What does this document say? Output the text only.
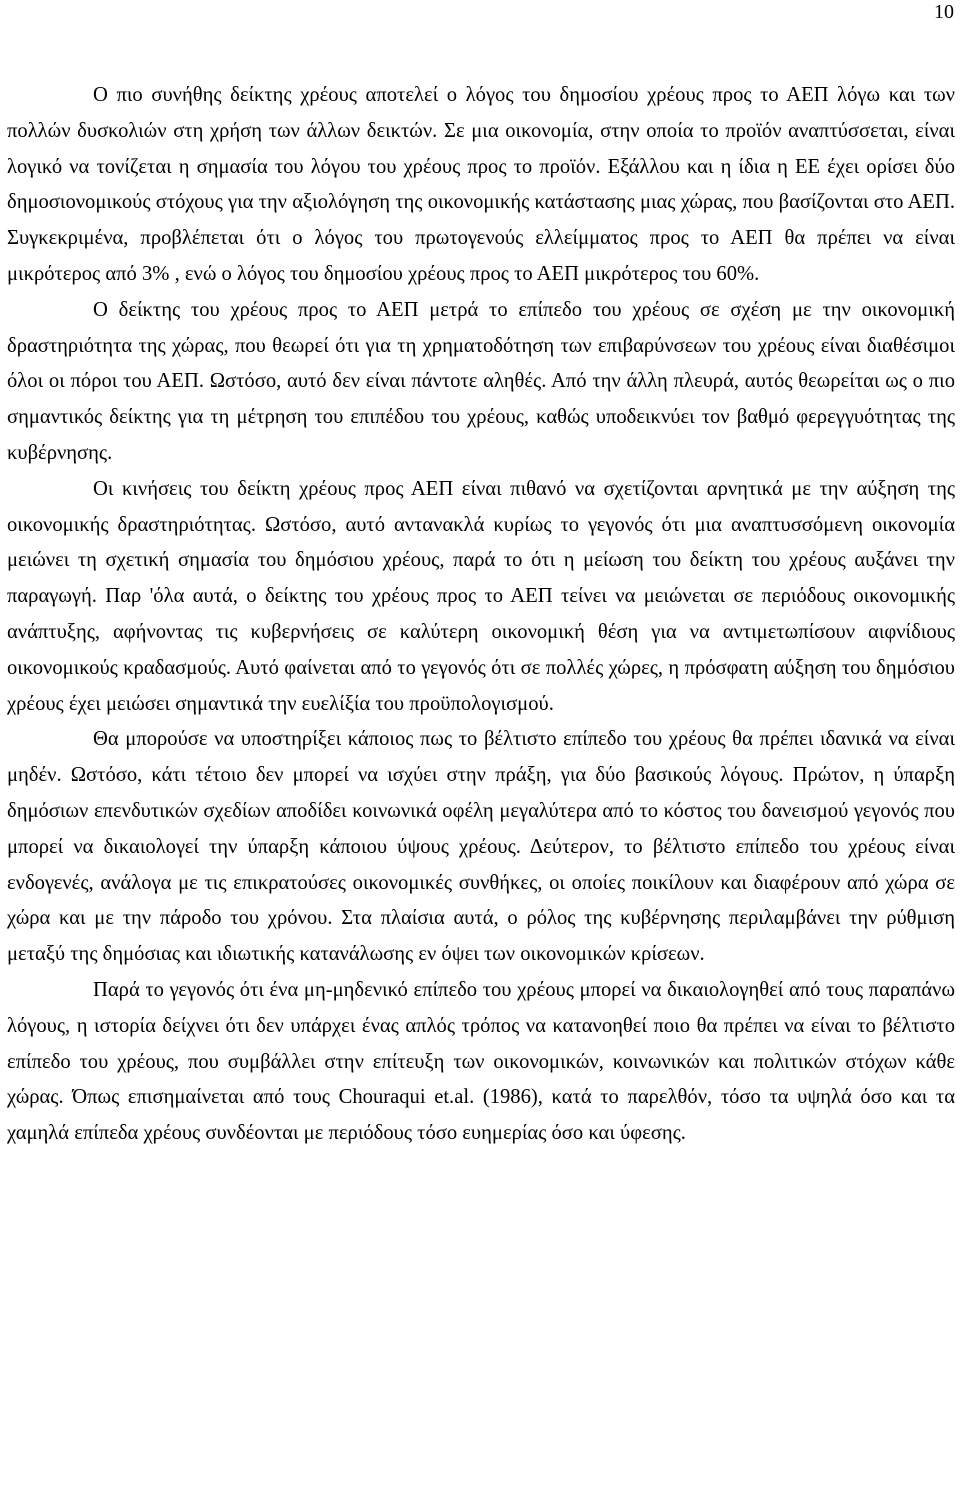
10

Ο πιο συνήθης δείκτης χρέους αποτελεί ο λόγος του δημοσίου χρέους προς το ΑΕΠ λόγω και των πολλών δυσκολιών στη χρήση των άλλων δεικτών. Σε μια οικονομία, στην οποία το προϊόν αναπτύσσεται, είναι λογικό να τονίζεται η σημασία του λόγου του χρέους προς το προϊόν. Εξάλλου και η ίδια η ΕΕ έχει ορίσει δύο δημοσιονομικούς στόχους για την αξιολόγηση της οικονομικής κατάστασης μιας χώρας, που βασίζονται στο ΑΕΠ. Συγκεκριμένα, προβλέπεται ότι ο λόγος του πρωτογενούς ελλείμματος προς το ΑΕΠ θα πρέπει να είναι μικρότερος από 3% , ενώ ο λόγος του δημοσίου χρέους προς το ΑΕΠ μικρότερος του 60%.

Ο δείκτης του χρέους προς το ΑΕΠ μετρά το επίπεδο του χρέους σε σχέση με την οικονομική δραστηριότητα της χώρας, που θεωρεί ότι για τη χρηματοδότηση των επιβαρύνσεων του χρέους είναι διαθέσιμοι όλοι οι πόροι του ΑΕΠ. Ωστόσο, αυτό δεν είναι πάντοτε αληθές. Από την άλλη πλευρά, αυτός θεωρείται ως ο πιο σημαντικός δείκτης για τη μέτρηση του επιπέδου του χρέους, καθώς υποδεικνύει τον βαθμό φερεγγυότητας της κυβέρνησης.

Οι κινήσεις του δείκτη χρέους προς ΑΕΠ είναι πιθανό να σχετίζονται αρνητικά με την αύξηση της οικονομικής δραστηριότητας. Ωστόσο, αυτό αντανακλά κυρίως το γεγονός ότι μια αναπτυσσόμενη οικονομία μειώνει τη σχετική σημασία του δημόσιου χρέους, παρά το ότι η μείωση του δείκτη του χρέους αυξάνει την παραγωγή. Παρ 'όλα αυτά, ο δείκτης του χρέους προς το ΑΕΠ τείνει να μειώνεται σε περιόδους οικονομικής ανάπτυξης, αφήνοντας τις κυβερνήσεις σε καλύτερη οικονομική θέση για να αντιμετωπίσουν αιφνίδιους οικονομικούς κραδασμούς. Αυτό φαίνεται από το γεγονός ότι σε πολλές χώρες, η πρόσφατη αύξηση του δημόσιου χρέους έχει μειώσει σημαντικά την ευελίξία του προϋπολογισμού.

Θα μπορούσε να υποστηρίξει κάποιος πως το βέλτιστο επίπεδο του χρέους θα πρέπει ιδανικά να είναι μηδέν. Ωστόσο, κάτι τέτοιο δεν μπορεί να ισχύει στην πράξη, για δύο βασικούς λόγους. Πρώτον, η ύπαρξη δημόσιων επενδυτικών σχεδίων αποδίδει κοινωνικά οφέλη μεγαλύτερα από το κόστος του δανεισμού γεγονός που μπορεί να δικαιολογεί την ύπαρξη κάποιου ύψους χρέους. Δεύτερον, το βέλτιστο επίπεδο του χρέους είναι ενδογενές, ανάλογα με τις επικρατούσες οικονομικές συνθήκες, οι οποίες ποικίλουν και διαφέρουν από χώρα σε χώρα και με την πάροδο του χρόνου. Στα πλαίσια αυτά, ο ρόλος της κυβέρνησης περιλαμβάνει την ρύθμιση μεταξύ της δημόσιας και ιδιωτικής κατανάλωσης εν όψει των οικονομικών κρίσεων.

Παρά το γεγονός ότι ένα μη-μηδενικό επίπεδο του χρέους μπορεί να δικαιολογηθεί από τους παραπάνω λόγους, η ιστορία δείχνει ότι δεν υπάρχει ένας απλός τρόπος να κατανοηθεί ποιο θα πρέπει να είναι το βέλτιστο επίπεδο του χρέους, που συμβάλλει στην επίτευξη των οικονομικών, κοινωνικών και πολιτικών στόχων κάθε χώρας. Όπως επισημαίνεται από τους Chouraqui et.al. (1986), κατά το παρελθόν, τόσο τα υψηλά όσο και τα χαμηλά επίπεδα χρέους συνδέονται με περιόδους τόσο ευημερίας όσο και ύφεσης.
